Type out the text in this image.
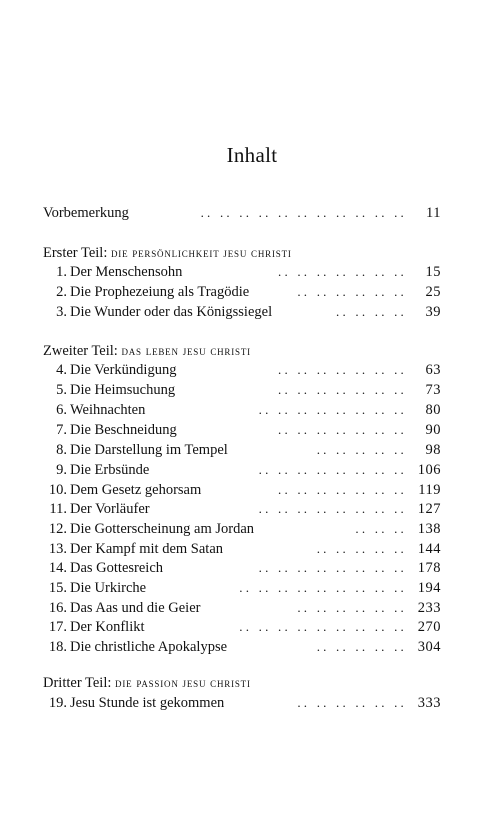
Inhalt
Vorbemerkung	.. .. .. .. .. .. .. .. .. .. .. 11
Erster Teil: die persönlichkeit jesu christi
1. Der Menschensohn	.. .. .. .. .. .. .. 15
2. Die Prophezeiung als Tragödie	.. .. .. .. .. .. 25
3. Die Wunder oder das Königssiegel	.. .. .. .. 39
Zweiter Teil: das leben jesu christi
4. Die Verkündigung	.. .. .. .. .. .. .. 63
5. Die Heimsuchung	.. .. .. .. .. .. .. 73
6. Weihnachten	.. .. .. .. .. .. .. .. 80
7. Die Beschneidung	.. .. .. .. .. .. .. 90
8. Die Darstellung im Tempel	.. .. .. .. .. 98
9. Die Erbsünde	.. .. .. .. .. .. .. .. 106
10. Dem Gesetz gehorsam	.. .. .. .. .. .. .. 119
11. Der Vorläufer	.. .. .. .. .. .. .. .. 127
12. Die Gotterscheinung am Jordan	.. .. .. 138
13. Der Kampf mit dem Satan	.. .. .. .. .. 144
14. Das Gottesreich	.. .. .. .. .. .. .. .. 178
15. Die Urkirche	.. .. .. .. .. .. .. .. .. 194
16. Das Aas und die Geier	.. .. .. .. .. .. 233
17. Der Konflikt	.. .. .. .. .. .. .. .. .. 270
18. Die christliche Apokalypse	.. .. .. .. .. 304
Dritter Teil: die passion jesu christi
19. Jesu Stunde ist gekommen	.. .. .. .. .. .. 333
